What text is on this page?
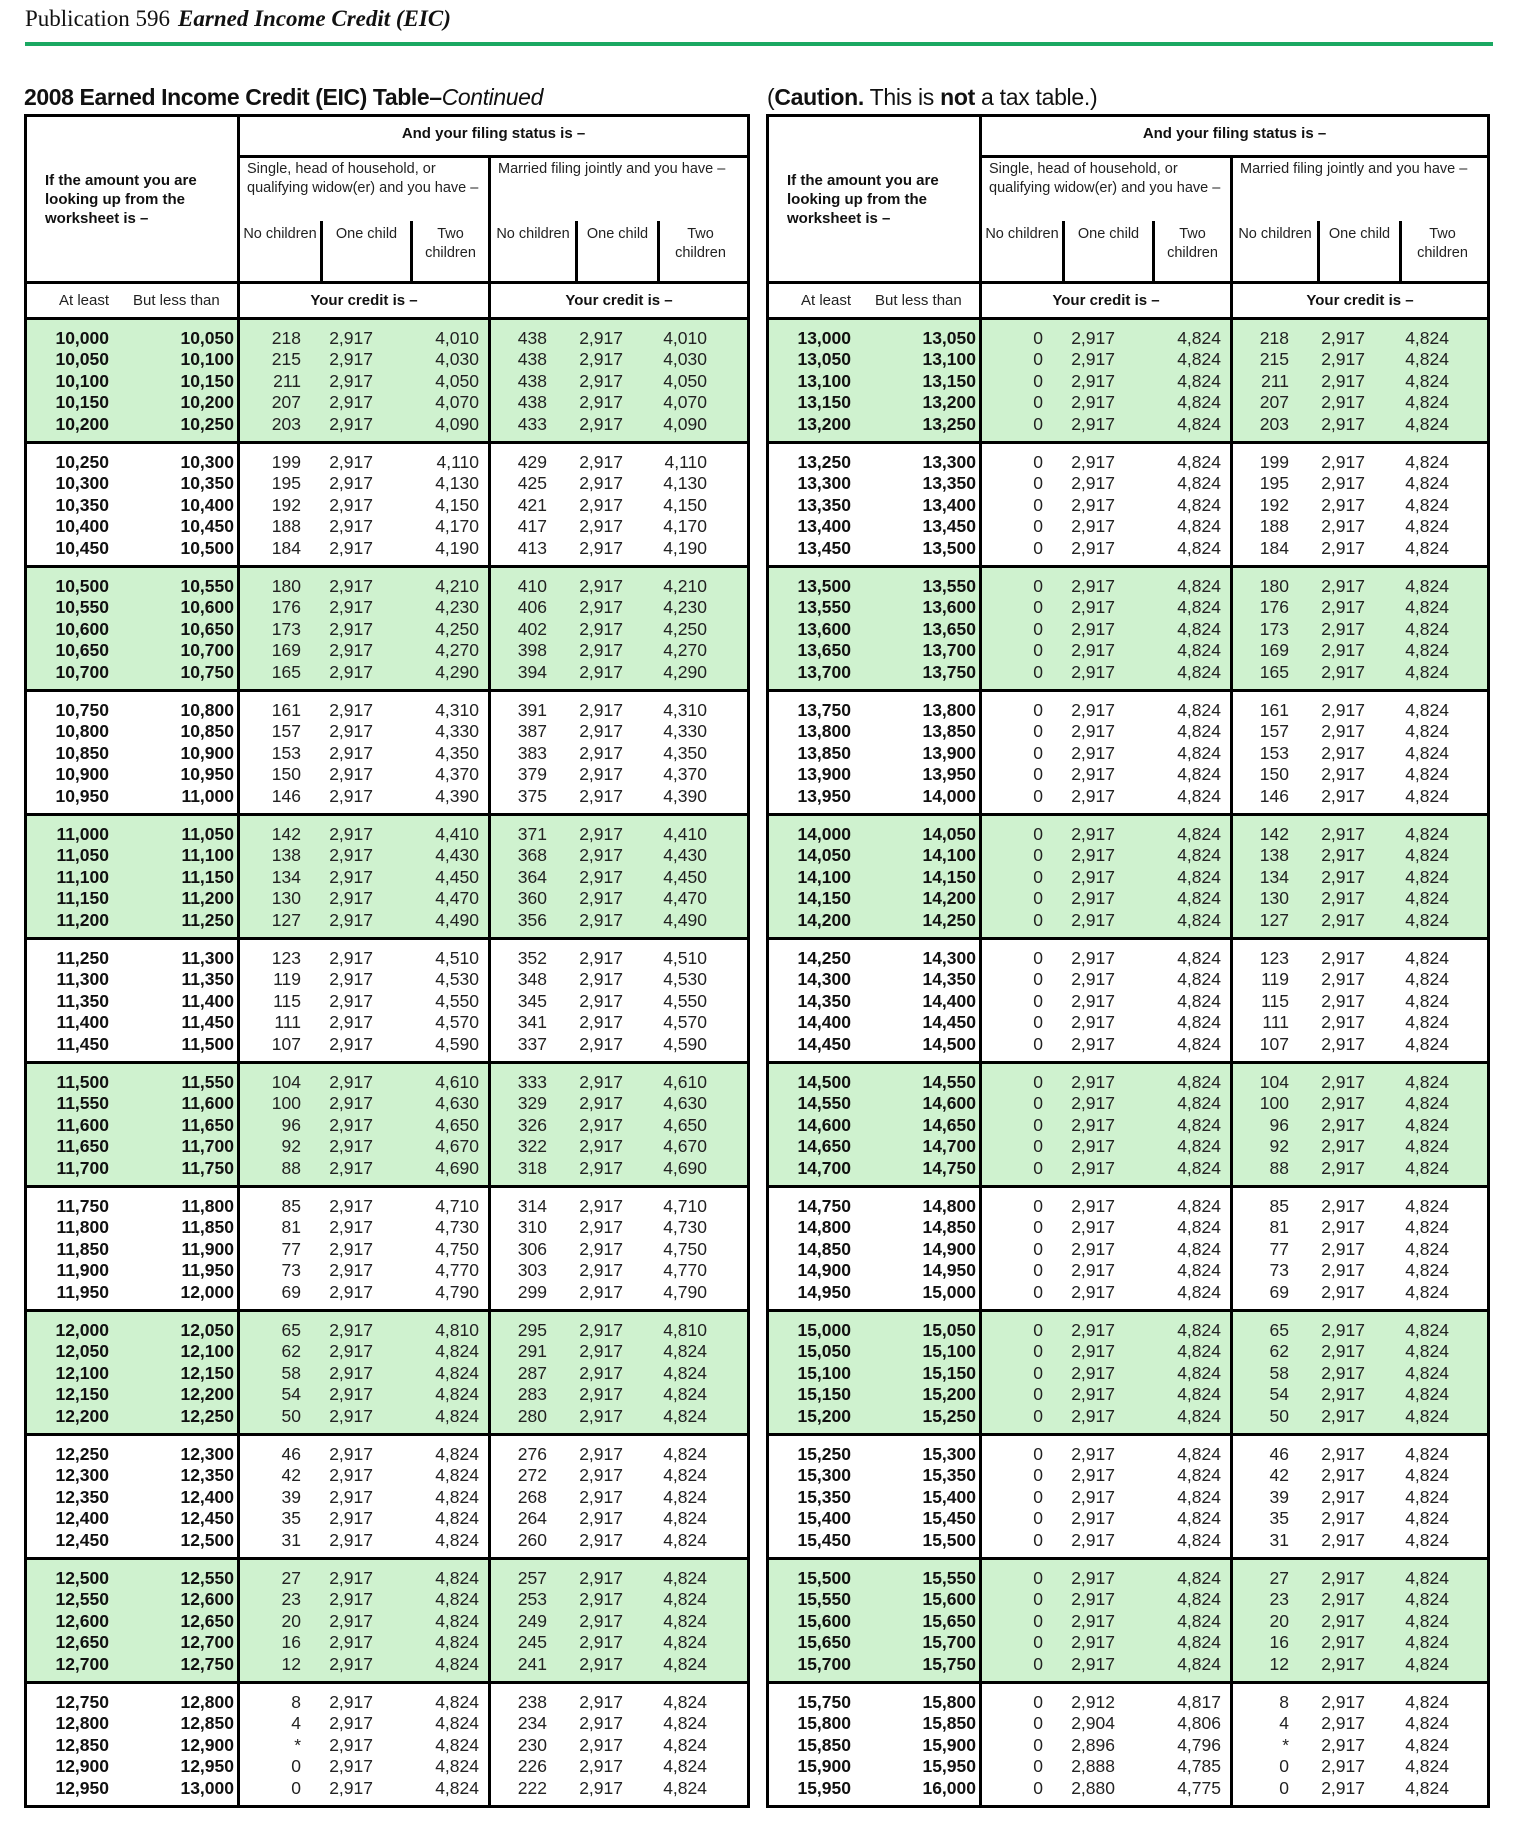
Publication 596 Earned Income Credit (EIC)
2008 Earned Income Credit (EIC) Table–Continued	(Caution. This is not a tax table.)
If the amount you are looking up from the worksheet is –
And your filing status is –
Single, head of household, or qualifying widow(er) and you have –
No children	One child	Two children
Married filing jointly and you have –
No children	One child	Two children
At least But less than	Your credit is –	Your credit is –
10,000	10,050 218 2,917	4,010 438 2,917 4,010
10,050	10,100 215 2,917	4,030 438 2,917 4,030
10,100	10,150 211 2,917	4,050 438 2,917 4,050
10,150	10,200 207 2,917	4,070 438 2,917 4,070
10,200	10,250 203 2,917	4,090 433 2,917 4,090
10,250	10,300 199 2,917	4,110 429 2,917 4,110
10,300	10,350 195 2,917	4,130 425 2,917 4,130
10,350	10,400 192 2,917	4,150 421 2,917 4,150
10,400	10,450 188 2,917	4,170 417 2,917 4,170
10,450	10,500 184 2,917	4,190 413 2,917 4,190
10,500	10,550 180 2,917	4,210 410 2,917 4,210
10,550	10,600 176 2,917	4,230 406 2,917 4,230
10,600	10,650 173 2,917	4,250 402 2,917 4,250
10,650	10,700 169 2,917	4,270 398 2,917 4,270
10,700	10,750 165 2,917	4,290 394 2,917 4,290
10,750	10,800 161 2,917	4,310 391 2,917 4,310
10,800	10,850 157 2,917	4,330 387 2,917 4,330
10,850	10,900 153 2,917	4,350 383 2,917 4,350
10,900	10,950 150 2,917	4,370 379 2,917 4,370
10,950	11,000 146 2,917	4,390 375 2,917 4,390
11,000	11,050 142 2,917	4,410 371 2,917 4,410
11,050	11,100 138 2,917	4,430 368 2,917 4,430
11,100	11,150 134 2,917	4,450 364 2,917 4,450
11,150	11,200 130 2,917	4,470 360 2,917 4,470
11,200	11,250 127 2,917	4,490 356 2,917 4,490
11,250	11,300 123 2,917	4,510 352 2,917 4,510
11,300	11,350 119 2,917	4,530 348 2,917 4,530
11,350	11,400 115 2,917	4,550 345 2,917 4,550
11,400	11,450 111 2,917	4,570 341 2,917 4,570
11,450	11,500 107 2,917	4,590 337 2,917 4,590
11,500	11,550 104 2,917	4,610 333 2,917 4,610
11,550	11,600 100 2,917	4,630 329 2,917 4,630
11,600	11,650	96 2,917	4,650 326 2,917 4,650
11,650	11,700	92 2,917	4,670 322 2,917 4,670
11,700	11,750	88 2,917	4,690 318 2,917 4,690
11,750	11,800	85 2,917	4,710 314 2,917 4,710
11,800	11,850	81 2,917	4,730 310 2,917 4,730
11,850	11,900	77 2,917	4,750 306 2,917 4,750
11,900	11,950	73 2,917	4,770 303 2,917 4,770
11,950	12,000	69 2,917	4,790 299 2,917 4,790
12,000	12,050	65 2,917	4,810 295 2,917 4,810
12,050	12,100	62 2,917	4,824 291 2,917 4,824
12,100	12,150	58 2,917	4,824 287 2,917 4,824
12,150	12,200	54 2,917	4,824 283 2,917 4,824
12,200	12,250	50 2,917	4,824 280 2,917 4,824
12,250	12,300	46 2,917	4,824 276 2,917 4,824
12,300	12,350	42 2,917	4,824 272 2,917 4,824
12,350	12,400	39 2,917	4,824 268 2,917 4,824
12,400	12,450	35 2,917	4,824 264 2,917 4,824
12,450	12,500	31 2,917	4,824 260 2,917 4,824
12,500	12,550	27 2,917	4,824 257 2,917 4,824
12,550	12,600	23 2,917	4,824 253 2,917 4,824
12,600	12,650	20 2,917	4,824 249 2,917 4,824
12,650	12,700	16 2,917	4,824 245 2,917 4,824
12,700	12,750	12 2,917	4,824 241 2,917 4,824
12,750	12,800	8 2,917	4,824 238 2,917 4,824
12,800	12,850	4 2,917	4,824 234 2,917 4,824
12,850	12,900	* 2,917	4,824 230 2,917 4,824
12,900	12,950	0 2,917	4,824 226 2,917 4,824
12,950	13,000	0 2,917	4,824 222 2,917 4,824
If the amount you are looking up from the worksheet is –
And your filing status is –
Single, head of household, or qualifying widow(er) and you have –
No children	One child	Two children
Married filing jointly and you have –
No children	One child	Two children
At least But less than	Your credit is –	Your credit is –
13,000	13,050	0 2,917	4,824 218 2,917 4,824
13,050	13,100	0 2,917	4,824 215 2,917 4,824
13,100	13,150	0 2,917	4,824 211 2,917 4,824
13,150	13,200	0 2,917	4,824 207 2,917 4,824
13,200	13,250	0 2,917	4,824 203 2,917 4,824
13,250	13,300	0 2,917	4,824 199 2,917 4,824
13,300	13,350	0 2,917	4,824 195 2,917 4,824
13,350	13,400	0 2,917	4,824 192 2,917 4,824
13,400	13,450	0 2,917	4,824 188 2,917 4,824
13,450	13,500	0 2,917	4,824 184 2,917 4,824
13,500	13,550	0 2,917	4,824 180 2,917 4,824
13,550	13,600	0 2,917	4,824 176 2,917 4,824
13,600	13,650	0 2,917	4,824 173 2,917 4,824
13,650	13,700	0 2,917	4,824 169 2,917 4,824
13,700	13,750	0 2,917	4,824 165 2,917 4,824
13,750	13,800	0 2,917	4,824 161 2,917 4,824
13,800	13,850	0 2,917	4,824 157 2,917 4,824
13,850	13,900	0 2,917	4,824 153 2,917 4,824
13,900	13,950	0 2,917	4,824 150 2,917 4,824
13,950	14,000	0 2,917	4,824 146 2,917 4,824
14,000	14,050	0 2,917	4,824 142 2,917 4,824
14,050	14,100	0 2,917	4,824 138 2,917 4,824
14,100	14,150	0 2,917	4,824 134 2,917 4,824
14,150	14,200	0 2,917	4,824 130 2,917 4,824
14,200	14,250	0 2,917	4,824 127 2,917 4,824
14,250	14,300	0 2,917	4,824 123 2,917 4,824
14,300	14,350	0 2,917	4,824 119 2,917 4,824
14,350	14,400	0 2,917	4,824 115 2,917 4,824
14,400	14,450	0 2,917	4,824 111 2,917 4,824
14,450	14,500	0 2,917	4,824 107 2,917 4,824
14,500	14,550	0 2,917	4,824 104 2,917 4,824
14,550	14,600	0 2,917	4,824 100 2,917 4,824
14,600	14,650	0 2,917	4,824	96 2,917 4,824
14,650	14,700	0 2,917	4,824	92 2,917 4,824
14,700	14,750	0 2,917	4,824	88 2,917 4,824
14,750	14,800	0 2,917	4,824	85 2,917 4,824
14,800	14,850	0 2,917	4,824	81 2,917 4,824
14,850	14,900	0 2,917	4,824	77 2,917 4,824
14,900	14,950	0 2,917	4,824	73 2,917 4,824
14,950	15,000	0 2,917	4,824	69 2,917 4,824
15,000	15,050	0 2,917	4,824	65 2,917 4,824
15,050	15,100	0 2,917	4,824	62 2,917 4,824
15,100	15,150	0 2,917	4,824	58 2,917 4,824
15,150	15,200	0 2,917	4,824	54 2,917 4,824
15,200	15,250	0 2,917	4,824	50 2,917 4,824
15,250	15,300	0 2,917	4,824	46 2,917 4,824
15,300	15,350	0 2,917	4,824	42 2,917 4,824
15,350	15,400	0 2,917	4,824	39 2,917 4,824
15,400	15,450	0 2,917	4,824	35 2,917 4,824
15,450	15,500	0 2,917	4,824	31 2,917 4,824
15,500	15,550	0 2,917	4,824	27 2,917 4,824
15,550	15,600	0 2,917	4,824	23 2,917 4,824
15,600	15,650	0 2,917	4,824	20 2,917 4,824
15,650	15,700	0 2,917	4,824	16 2,917 4,824
15,700	15,750	0 2,917	4,824	12 2,917 4,824
15,750	15,800	0 2,912	4,817	8 2,917 4,824
15,800	15,850	0 2,904	4,806	4 2,917 4,824
15,850	15,900	0 2,896	4,796	* 2,917 4,824
15,900	15,950	0 2,888	4,785	0 2,917 4,824
15,950	16,000	0 2,880	4,775	0 2,917 4,824
